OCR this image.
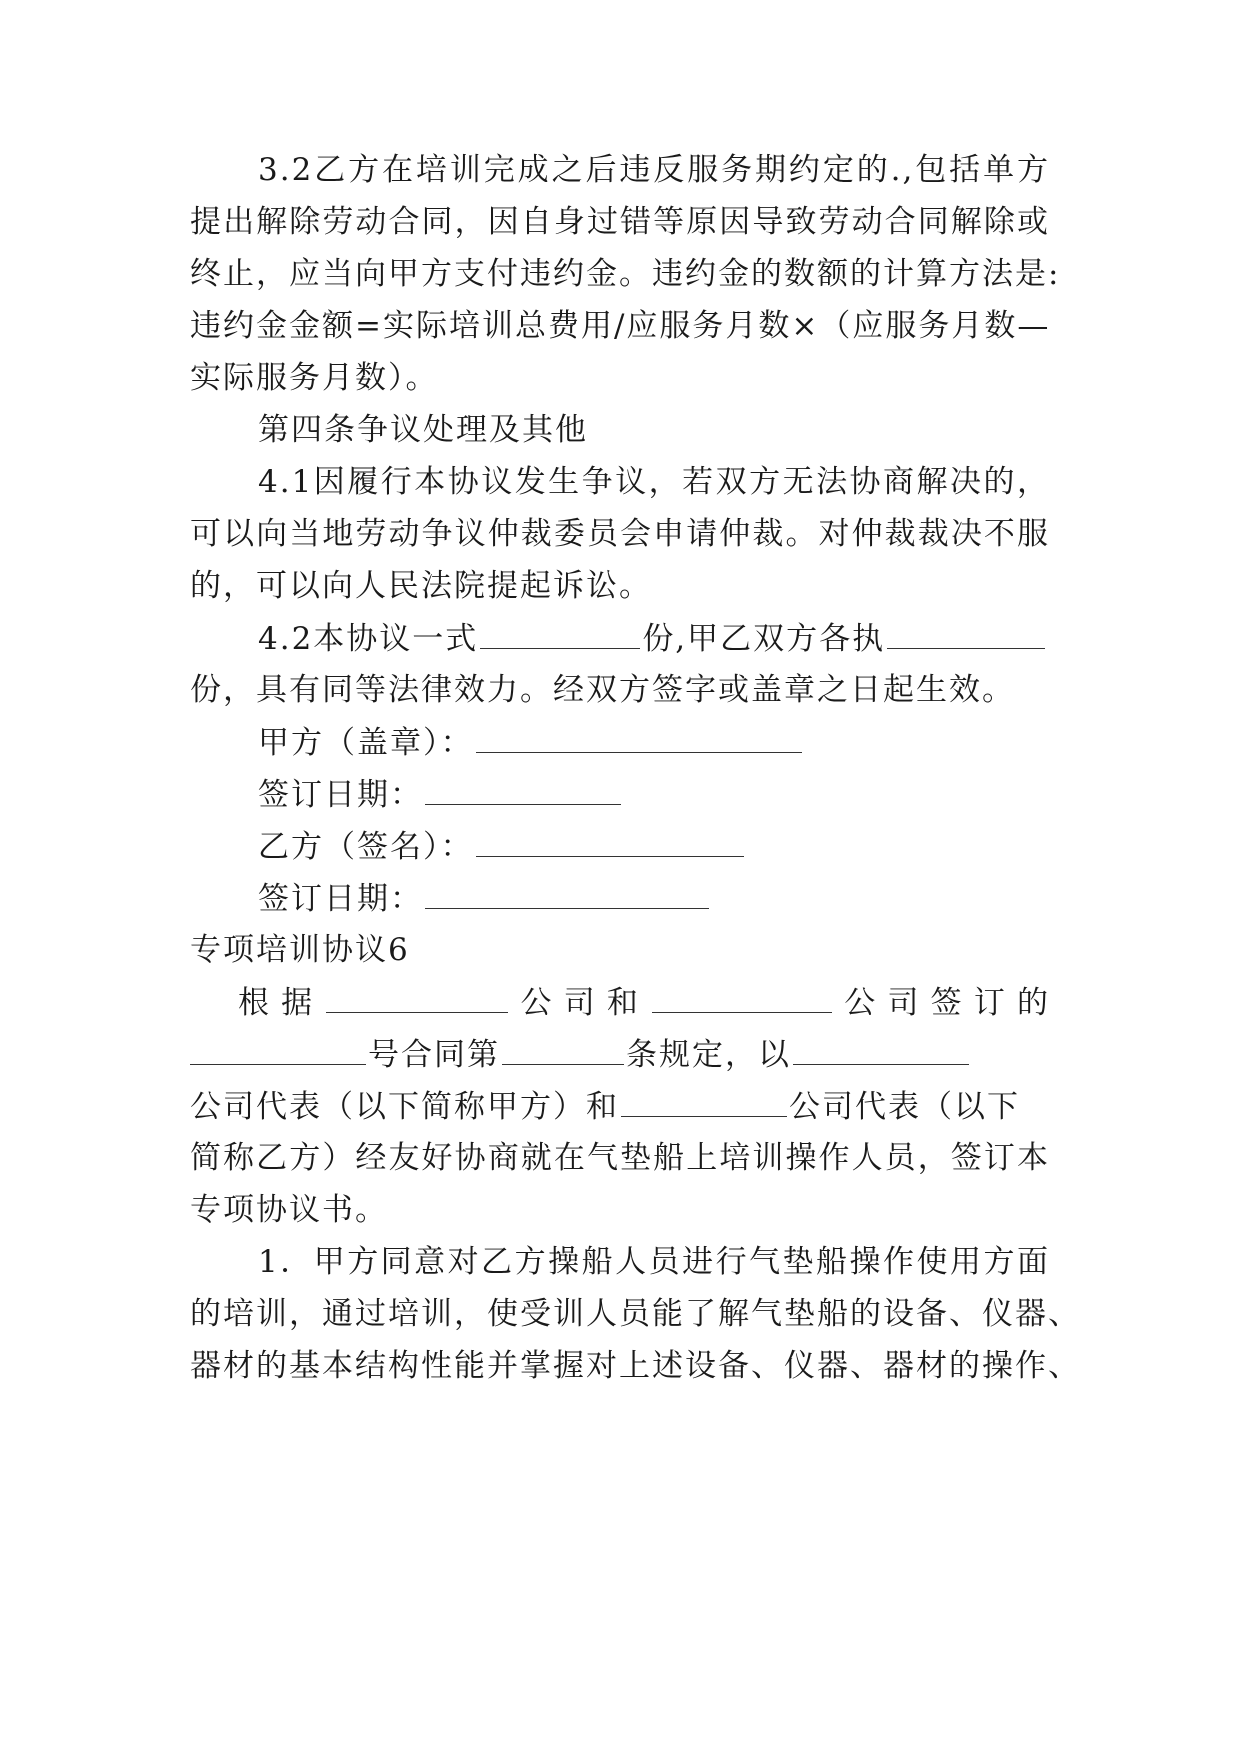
3.2乙方在培训完成之后违反服务期约定的.,包括单方
提出解除劳动合同，因自身过错等原因导致劳动合同解除或
终止，应当向甲方支付违约金。违约金的数额的计算方法是:
违约金金额=实际培训总费用/应服务月数×（应服务月数—
实际服务月数）。
第四条争议处理及其他
4.1因履行本协议发生争议，若双方无法协商解决的，
可以向当地劳动争议仲裁委员会申请仲裁。对仲裁裁决不服
的，可以向人民法院提起诉讼。
4.2本协议一式	份,甲乙双方各执
份，具有同等法律效力。经双方签字或盖章之日起生效。
甲方（盖章）：
签订日期：
乙方（签名）：
签订日期：
专项培训协议6
根据	公司和	公司签订的
号合同第	条规定，以
公司代表（以下简称甲方）和	公司代表（以下
简称乙方）经友好协商就在气垫船上培训操作人员，签订本
专项协议书。
1．甲方同意对乙方操船人员进行气垫船操作使用方面
的培训，通过培训，使受训人员能了解气垫船的设备、仪器、
器材的基本结构性能并掌握对上述设备、仪器、器材的操作、
